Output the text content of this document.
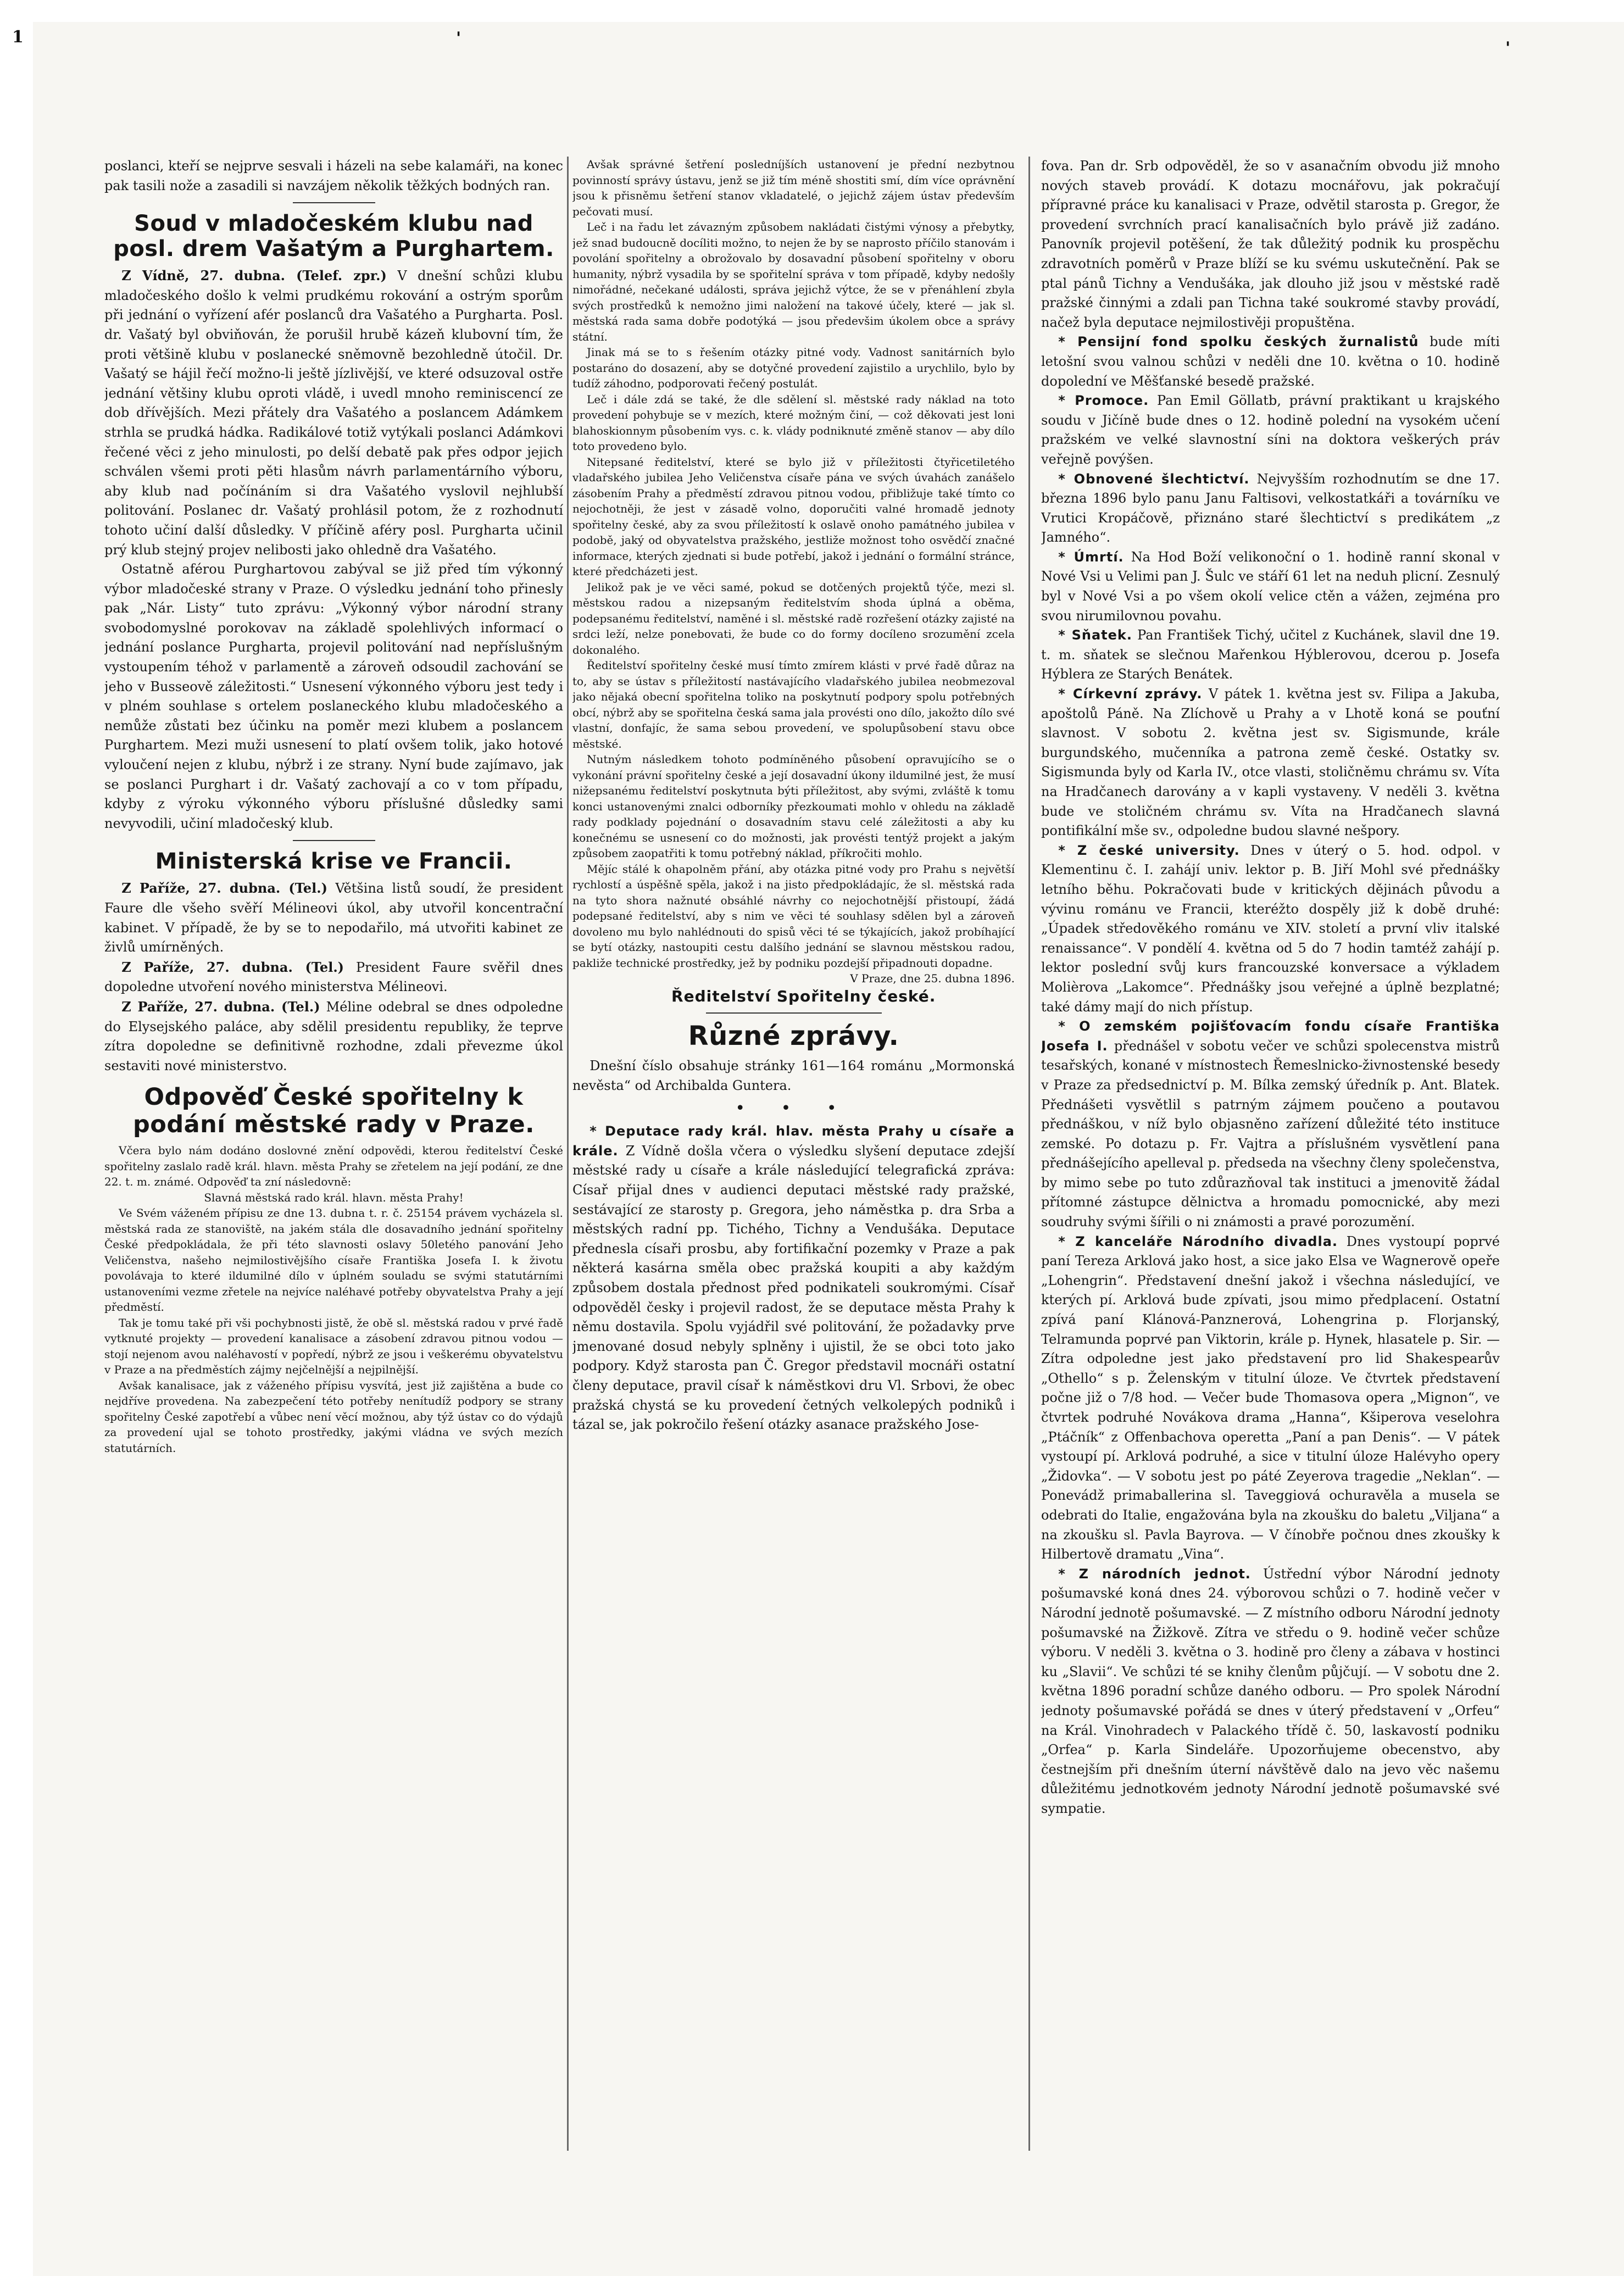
1	'
'

poslanci, kteří se nejprve sesvali i házeli na sebe kalamáři, na konec pak tasili nože a zasadili si navzájem několik těžkých bodných ran.

Soud v mladočeském klubu nad posl. drem Vašatým a Purghartem.

Z Vídně, 27. dubna. (Telef. zpr.) V dnešní schůzi klubu mladočeského došlo k velmi prudkému rokování a ostrým sporům při jednání o vyřízení afér poslanců dra Vašatého a Purgharta. Posl. dr. Vašatý byl obviňován, že porušil hrubě kázeň klubovní tím, že proti většině klubu v poslanecké sněmovně bezohledně útočil. Dr. Vašatý se hájil řečí možno-li ještě jízlivější, ve které odsuzoval ostře jednání většiny klubu oproti vládě, i uvedl mnoho reminiscencí ze dob dřívějších. Mezi přátely dra Vašatého a poslancem Adámkem strhla se prudká hádka. Radikálové totiž vytýkali poslanci Adámkovi řečené věci z jeho minulosti, po delší debatě pak přes odpor jejich schválen všemi proti pěti hlasům návrh parlamentárního výboru, aby klub nad počínáním si dra Vašatého vyslovil nejhlubší politování. Poslanec dr. Vašatý prohlásil potom, že z rozhodnutí tohoto učiní další důsledky. V příčině aféry posl. Purgharta učinil prý klub stejný projev nelibosti jako ohledně dra Vašatého.

Ostatně aférou Purghartovou zabýval se již před tím výkonný výbor mladočeské strany v Praze. O výsledku jednání toho přinesly pak „Nár. Listy“ tuto zprávu: „Výkonný výbor národní strany svobodomyslné porokovav na základě spolehlivých informací o jednání poslance Purgharta, projevil politování nad nepříslušným vystoupením téhož v parlamentě a zároveň odsoudil zachování se jeho v Busseově záležitosti.“ Usnesení výkonného výboru jest tedy i v plném souhlase s ortelem poslaneckého klubu mladočeského a nemůže zůstati bez účinku na poměr mezi klubem a poslancem Purghartem. Mezi muži usnesení to platí ovšem tolik, jako hotové vyloučení nejen z klubu, nýbrž i ze strany. Nyní bude zajímavo, jak se poslanci Purghart i dr. Vašatý zachovají a co v tom případu, kdyby z výroku výkonného výboru příslušné důsledky sami nevyvodili, učiní mladočeský klub.

Ministerská krise ve Francii.

Z Paříže, 27. dubna. (Tel.) Většina listů soudí, že president Faure dle všeho svěří Mélineovi úkol, aby utvořil koncentrační kabinet. V případě, že by se to nepodařilo, má utvořiti kabinet ze živlů umírněných.

Z Paříže, 27. dubna. (Tel.) President Faure svěřil dnes dopoledne utvoření nového ministerstva Mélineovi.

Z Paříže, 27. dubna. (Tel.) Méline odebral se dnes odpoledne do Elysejského paláce, aby sdělil presidentu republiky, že teprve zítra dopoledne se definitivně rozhodne, zdali převezme úkol sestaviti nové ministerstvo.

Odpověď České spořitelny k podání městské rady v Praze.

Včera bylo nám dodáno doslovné znění odpovědi, kterou ředitelství České spořitelny zaslalo radě král. hlavn. města Prahy se zřetelem na její podání, ze dne 22. t. m. známé. Odpověď ta zní následovně:

Slavná městská rado král. hlavn. města Prahy!

Ve Svém váženém přípisu ze dne 13. dubna t. r. č. 25154 právem vycházela sl. městská rada ze stanoviště, na jakém stála dle dosavadního jednání spořitelny České předpokládala, že při této slavnosti oslavy 50letého panování Jeho Veličenstva, našeho nejmilostivějšího císaře Františka Josefa I. k životu povolávaja to které ildumilné dílo v úplném souladu se svými statutárními ustanoveními vezme zřetele na nejvíce naléhavé potřeby obyvatelstva Prahy a její předměstí.

Tak je tomu také při vši pochybnosti jistě, že obě sl. městská radou v prvé řadě vytknuté projekty — provedení kanalisace a zásobení zdravou pitnou vodou — stojí nejenom avou naléhavostí v popředí, nýbrž ze jsou i veškerému obyvatelstvu v Praze a na předměstích zájmy nejčelnější a nejpilnější.

Avšak kanalisace, jak z váženého přípisu vysvítá, jest již zajištěna a bude co nejdříve provedena. Na zabezpečení této potřeby nenítudíž podpory se strany spořitelny České zapotřebí a vůbec není věcí možnou, aby týž ústav co do výdajů za provedení ujal se tohoto prostředky, jakými vládna ve svých mezích statutárních.

Avšak správné šetření posledníjších ustanovení je přední nezbytnou povinností správy ústavu, jenž se již tím méně shostiti smí, dím více oprávnění jsou k přisněmu šetření stanov vkladatelé, o jejichž zájem ústav především pečovati musí.

Leč i na řadu let závazným způsobem nakládati čistými výnosy a přebytky, jež snad budoucně docíliti možno, to nejen že by se naprosto příčilo stanovám i povolání spořitelny a obrožovalo by dosavadní působení spořitelny v oboru humanity, nýbrž vysadila by se spořitelní správa v tom případě, kdyby nedošly nimořádné, nečekané události, správa jejichž výtce, že se v přenáhlení zbyla svých prostředků k nemožno jimi naložení na takové účely, které — jak sl. městská rada sama dobře podotýká — jsou předevšim úkolem obce a správy státní.

Jinak má se to s řešením otázky pitné vody. Vadnost sanitárních bylo postaráno do dosazení, aby se dotyčné provedení zajistilo a urychlilo, bylo by tudíž záhodno, podporovati řečený postulát.

Leč i dále zdá se také, že dle sdělení sl. městské rady náklad na toto provedení pohybuje se v mezích, které možným činí, — což děkovati jest loni blahoskionnym působením vys. c. k. vlády podniknuté změně stanov — aby dílo toto provedeno bylo.

Nitepsané ředitelství, které se bylo již v příležitosti čtyřicetiletého vladařského jubilea Jeho Veličenstva císaře pána ve svých úvahách zanášelo zásobením Prahy a předměstí zdravou pitnou vodou, přibližuje také tímto co nejochotněji, že jest v zásadě volno, doporučiti valné hromadě jednoty spořitelny české, aby za svou příležitostí k oslavě onoho památného jubilea v podobě, jaký od obyvatelstva pražského, jestliže možnost toho osvědčí značné informace, kterých zjednati si bude potřebí, jakož i jednání o formální stránce, které předcházeti jest.

Jelikož pak je ve věci samé, pokud se dotčených projektů týče, mezi sl. městskou radou a nizepsaným ředitelstvím shoda úplná a oběma, podepsanému ředitelství, naměné i sl. městské radě rozřešení otázky zajisté na srdci leží, nelze ponebovati, že bude co do formy docíleno srozumění zcela dokonalého.

Ředitelství spořitelny české musí tímto zmírem klásti v prvé řadě důraz na to, aby se ústav s příležitostí nastávajícího vladařského jubilea neobmezoval jako nějaká obecní spořitelna toliko na poskytnutí podpory spolu potřebných obcí, nýbrž aby se spořitelna česká sama jala provésti ono dílo, jakožto dílo své vlastní, donfajíc, že sama sebou provedení, ve spolupůsobení stavu obce městské.

Nutným následkem tohoto podmíněného působení opravujícího se o vykonání právní spořitelny české a její dosavadní úkony ildumilné jest, že musí nižepsanému ředitelství poskytnuta býti příležitost, aby svými, zvláště k tomu konci ustanovenými znalci odborníky přezkoumati mohlo v ohledu na základě rady podklady pojednání o dosavadním stavu celé záležitosti a aby ku konečnému se usnesení co do možnosti, jak provésti tentýž projekt a jakým způsobem zaopatřiti k tomu potřebný náklad, příkročiti mohlo.

Mějíc stálé k ohapolněm přání, aby otázka pitné vody pro Prahu s největší rychlostí a úspěšně spěla, jakož i na jisto předpokládajíc, že sl. městská rada na tyto shora nažnuté obsáhlé návrhy co nejochotnější přistoupí, žádá podepsané ředitelství, aby s nim ve věci té souhlasy sdělen byl a zároveň dovoleno mu bylo nahlédnouti do spisů věci té se týkajících, jakož probíhající se bytí otázky, nastoupiti cestu dalšího jednání se slavnou městskou radou, pakliže technické prostředky, jež by podniku pozdejší připadnouti dopadne.

V Praze, dne 25. dubna 1896.

Ředitelství Spořitelny české.

Různé zprávy.

Dnešní číslo obsahuje stránky 161—164 románu „Mormonská nevěsta“ od Archibalda Guntera.

• • •

* Deputace rady král. hlav. města Prahy u císaře a krále. Z Vídně došla včera o výsledku slyšení deputace zdejší městské rady u císaře a krále následující telegrafická zpráva: Císař přijal dnes v audienci deputaci městské rady pražské, sestávající ze starosty p. Gregora, jeho náměstka p. dra Srba a městských radní pp. Tichého, Tichny a Vendušáka. Deputace přednesla císaři prosbu, aby fortifikační pozemky v Praze a pak některá kasárna směla obec pražská koupiti a aby každým způsobem dostala přednost před podnikateli soukromými. Císař odpověděl česky i projevil radost, že se deputace města Prahy k němu dostavila. Spolu vyjádřil své politování, že požadavky prve jmenované dosud nebyly splněny i ujistil, že se obci toto jako podpory. Když starosta pan Č. Gregor představil mocnáři ostatní členy deputace, pravil císař k náměstkovi dru Vl. Srbovi, že obec pražská chystá se ku provedení četných velkolepých podniků i tázal se, jak pokročilo řešení otázky asanace pražského Jose-

fova. Pan dr. Srb odpověděl, že so v asanačním obvodu již mnoho nových staveb provádí. K dotazu mocnářovu, jak pokračují přípravné práce ku kanalisaci v Praze, odvětil starosta p. Gregor, že provedení svrchních prací kanalisačních bylo právě již zadáno. Panovník projevil potěšení, že tak důležitý podnik ku prospěchu zdravotních poměrů v Praze blíží se ku svému uskutečnění. Pak se ptal pánů Tichny a Vendušáka, jak dlouho již jsou v městské radě pražské činnými a zdali pan Tichna také soukromé stavby provádí, načež byla deputace nejmilostivěji propuštěna.

* Pensijní fond spolku českých žurnalistů bude míti letošní svou valnou schůzi v neděli dne 10. května o 10. hodině dopolední ve Měšťanské besedě pražské.

* Promoce. Pan Emil Göllatb, právní praktikant u krajského soudu v Jičíně bude dnes o 12. hodině polední na vysokém učení pražském ve velké slavnostní síni na doktora veškerých práv veřejně povýšen.

* Obnovené šlechtictví. Nejvyšším rozhodnutím se dne 17. března 1896 bylo panu Janu Faltisovi, velkostatkáři a továrníku ve Vrutici Kropáčově, přiznáno staré šlechtictví s predikátem „z Jamného“.

* Úmrtí. Na Hod Boží velikonoční o 1. hodině ranní skonal v Nové Vsi u Velimi pan J. Šulc ve stáří 61 let na neduh plicní. Zesnulý byl v Nové Vsi a po všem okolí velice ctěn a vážen, zejména pro svou nirumilovnou povahu.

* Sňatek. Pan František Tichý, učitel z Kuchánek, slavil dne 19. t. m. sňatek se slečnou Mařenkou Hýblerovou, dcerou p. Josefa Hýblera ze Starých Benátek.

* Církevní zprávy. V pátek 1. května jest sv. Filipa a Jakuba, apoštolů Páně. Na Zlíchově u Prahy a v Lhotě koná se pouťní slavnost. V sobotu 2. května jest sv. Sigismunde, krále burgundského, mučenníka a patrona země české. Ostatky sv. Sigismunda byly od Karla IV., otce vlasti, stoličněmu chrámu sv. Víta na Hradčanech darovány a v kapli vystaveny. V neděli 3. května bude ve stoličném chrámu sv. Víta na Hradčanech slavná pontifikální mše sv., odpoledne budou slavné nešpory.

* Z české university. Dnes v úterý o 5. hod. odpol. v Klementinu č. I. zahájí univ. lektor p. B. Jiří Mohl své přednášky letního běhu. Pokračovati bude v kritických dějinách původu a vývinu románu ve Francii, kteréžto dospěly již k době druhé: „Úpadek středověkého románu ve XIV. století a první vliv italské renaissance“. V pondělí 4. května od 5 do 7 hodin tamtéž zahájí p. lektor poslední svůj kurs francouzské konversace a výkladem Molièrova „Lakomce“. Přednášky jsou veřejné a úplně bezplatné; také dámy mají do nich přístup.

* O zemském pojišťovacím fondu císaře Františka Josefa I. přednášel v sobotu večer ve schůzi spolecenstva mistrů tesařských, konané v místnostech Řemeslnicko-živnostenské besedy v Praze za předsednictví p. M. Bílka zemský úředník p. Ant. Blatek. Přednášeti vysvětlil s patrným zájmem poučeno a poutavou přednáškou, v níž bylo objasněno zařízení důležité této instituce zemské. Po dotazu p. Fr. Vajtra a příslušném vysvětlení pana přednášejícího apelleval p. předseda na všechny členy společenstva, by mimo sebe po tuto zdůrazňoval tak instituci a jmenovitě žádal přítomné zástupce dělnictva a hromadu pomocnické, aby mezi soudruhy svými šířili o ni známosti a pravé porozumění.

* Z kanceláře Národního divadla. Dnes vystoupí poprvé paní Tereza Arklová jako host, a sice jako Elsa ve Wagnerově opeře „Lohengrin“. Představení dnešní jakož i všechna následující, ve kterých pí. Arklová bude zpívati, jsou mimo předplacení. Ostatní zpívá paní Klánová-Panznerová, Lohengrina p. Florjanský, Telramunda poprvé pan Viktorin, krále p. Hynek, hlasatele p. Sir. — Zítra odpoledne jest jako představení pro lid Shakespearův „Othello“ s p. Želenským v titulní úloze. Ve čtvrtek představení počne již o 7/8 hod. — Večer bude Thomasova opera „Mignon“, ve čtvrtek podruhé Novákova drama „Hanna“, Kšiperova veselohra „Ptáčník“ z Offenbachova operetta „Paní a pan Denis“. — V pátek vystoupí pí. Arklová podruhé, a sice v titulní úloze Halévyho opery „Židovka“. — V sobotu jest po páté Zeyerova tragedie „Neklan“. — Ponevádž primaballerina sl. Taveggiová ochuravěla a musela se odebrati do Italie, engažována byla na zkoušku do baletu „Viljana“ a na zkoušku sl. Pavla Bayrova. — V čínobře počnou dnes zkoušky k Hilbertově dramatu „Vina“.

* Z národních jednot. Ústřední výbor Národní jednoty pošumavské koná dnes 24. výborovou schůzi o 7. hodině večer v Národní jednotě pošumavské. — Z místního odboru Národní jednoty pošumavské na Žižkově. Zítra ve středu o 9. hodině večer schůze výboru. V neděli 3. května o 3. hodině pro členy a zábava v hostinci ku „Slavii“. Ve schůzi té se knihy členům půjčují. — V sobotu dne 2. května 1896 poradní schůze daného odboru. — Pro spolek Národní jednoty pošumavské pořádá se dnes v úterý představení v „Orfeu“ na Král. Vinohradech v Palackého třídě č. 50, laskavostí podniku „Orfea“ p. Karla Sindeláře. Upozorňujeme obecenstvo, aby čestnejším při dnešním úterní návštěvě dalo na jevo věc našemu důležitému jednotkovém jednoty Národní jednotě pošumavské své sympatie.
